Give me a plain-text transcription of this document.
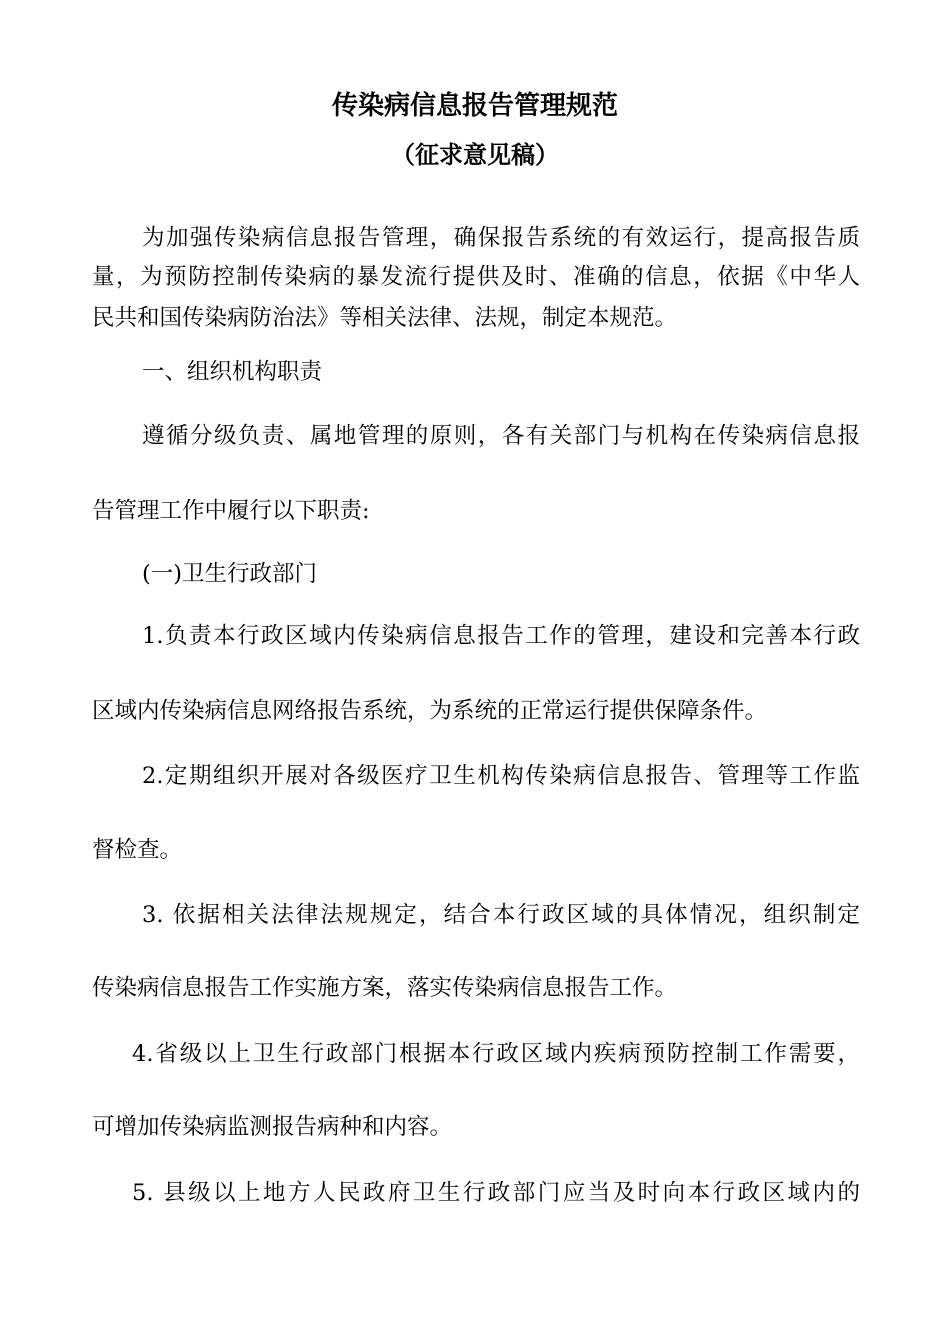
传染病信息报告管理规范
（征求意见稿）
为加强传染病信息报告管理，确保报告系统的有效运行，提高报告质
量，为预防控制传染病的暴发流行提供及时、准确的信息，依据《中华人
民共和国传染病防治法》等相关法律、法规，制定本规范。
一、组织机构职责
遵循分级负责、属地管理的原则，各有关部门与机构在传染病信息报
告管理工作中履行以下职责:
(一)卫生行政部门
1.负责本行政区域内传染病信息报告工作的管理，建设和完善本行政
区域内传染病信息网络报告系统，为系统的正常运行提供保障条件。
2.定期组织开展对各级医疗卫生机构传染病信息报告、管理等工作监
督检查。
3. 依据相关法律法规规定，结合本行政区域的具体情况，组织制定
传染病信息报告工作实施方案，落实传染病信息报告工作。
4.省级以上卫生行政部门根据本行政区域内疾病预防控制工作需要，
可增加传染病监测报告病种和内容。
5. 县级以上地方人民政府卫生行政部门应当及时向本行政区域内的
